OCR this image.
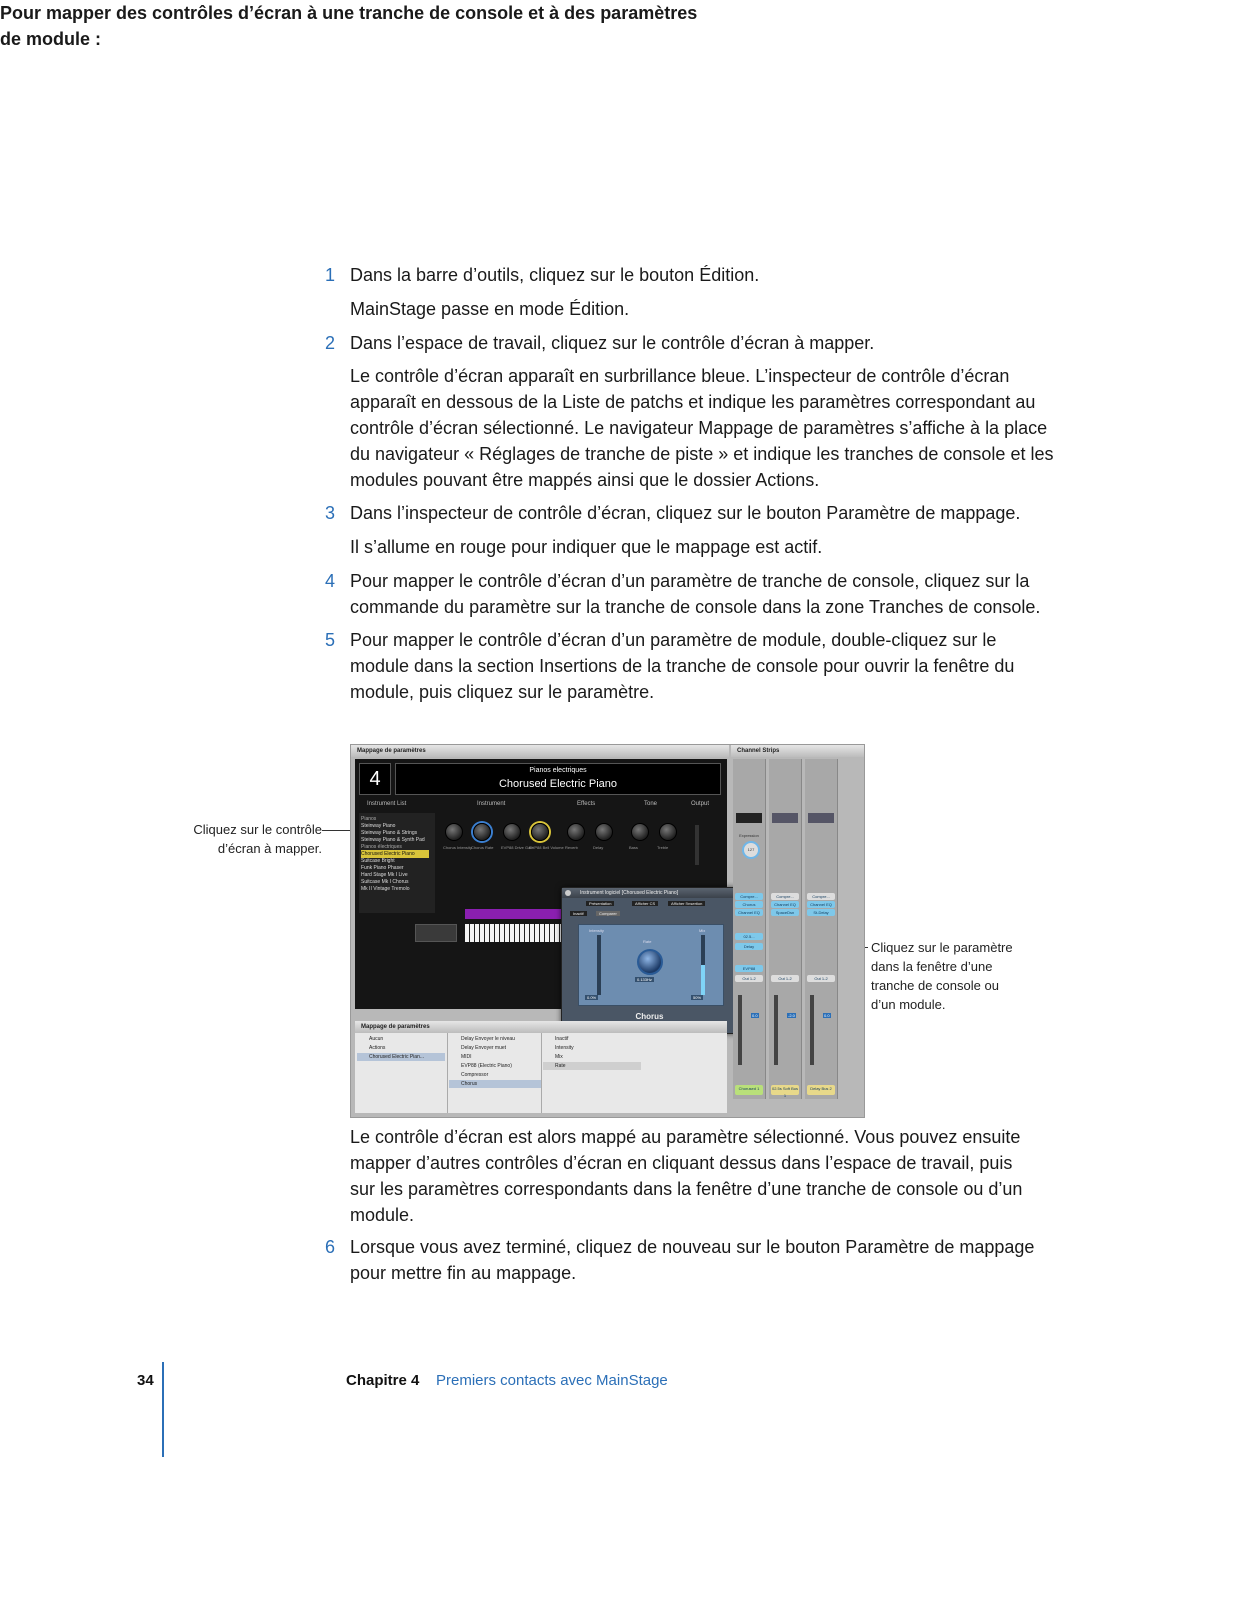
Pour mapper des contrôles d’écran à une tranche de console et à des paramètres de module :
1 Dans la barre d’outils, cliquez sur le bouton Édition.
MainStage passe en mode Édition.
2 Dans l’espace de travail, cliquez sur le contrôle d’écran à mapper.
Le contrôle d’écran apparaît en surbrillance bleue. L’inspecteur de contrôle d’écran apparaît en dessous de la Liste de patchs et indique les paramètres correspondant au contrôle d’écran sélectionné. Le navigateur Mappage de paramètres s’affiche à la place du navigateur « Réglages de tranche de piste » et indique les tranches de console et les modules pouvant être mappés ainsi que le dossier Actions.
3 Dans l’inspecteur de contrôle d’écran, cliquez sur le bouton Paramètre de mappage.
Il s’allume en rouge pour indiquer que le mappage est actif.
4 Pour mapper le contrôle d’écran d’un paramètre de tranche de console, cliquez sur la commande du paramètre sur la tranche de console dans la zone Tranches de console.
5 Pour mapper le contrôle d’écran d’un paramètre de module, double-cliquez sur le module dans la section Insertions de la tranche de console pour ouvrir la fenêtre du module, puis cliquez sur le paramètre.
Cliquez sur le contrôle d’écran à mapper.
Cliquez sur le paramètre dans la fenêtre d’une tranche de console ou d’un module.
Mappage de paramètres	Channel Strips
4	Pianos electriques
Chorused Electric Piano
Instrument List	Instrument	Effects	Tone	Output
Pianos
Steinway Piano
Steinway Piano & Strings
Steinway Piano & Synth Pad
Pianos électriques
Chorused Electric Piano
Suitcase Bright
Funk Piano Phaser
Hard Stage Mk I Live
Suitcase Mk I Chorus
Mk II Vintage Tremolo
Chorus Intensity Chorus Rate EVP88 Drive Gain
EVP88 Bell Volume Reverb	Delay	Bass	Treble
Instrument logiciel [Chorused Electric Piano]
Présentation	Afficher CS	Afficher l'insertion
Inactif	Comparer
Intensity
Rate
Mix
0.0%
0.133Hz
50%
Chorus
Mappage de paramètres
Aucun
Actions
Chorused Electric Pian...
Delay Envoyer le niveau
Delay Envoyer muet
MIDI
EVP88 (Electric Piano)
Compressor
Chorus
Inactif
Intensity
Mix
Rate
Expression
127
Compre...
Chorus
Channel EQ
02.5...
Delay
EVP88
Out 1-2
0.0
Chorused 1
Compre...
Channel EQ
SpaceDsn
Out 1-2
-2.0
02.5s Soft Bus 1
Compre...
Channel EQ
St-Delay
Out 1-2
0.0
Delay Bus 2
Le contrôle d’écran est alors mappé au paramètre sélectionné. Vous pouvez ensuite mapper d’autres contrôles d’écran en cliquant dessus dans l’espace de travail, puis sur les paramètres correspondants dans la fenêtre d’une tranche de console ou d’un module.
6 Lorsque vous avez terminé, cliquez de nouveau sur le bouton Paramètre de mappage pour mettre fin au mappage.
34	Chapitre 4 Premiers contacts avec MainStage
